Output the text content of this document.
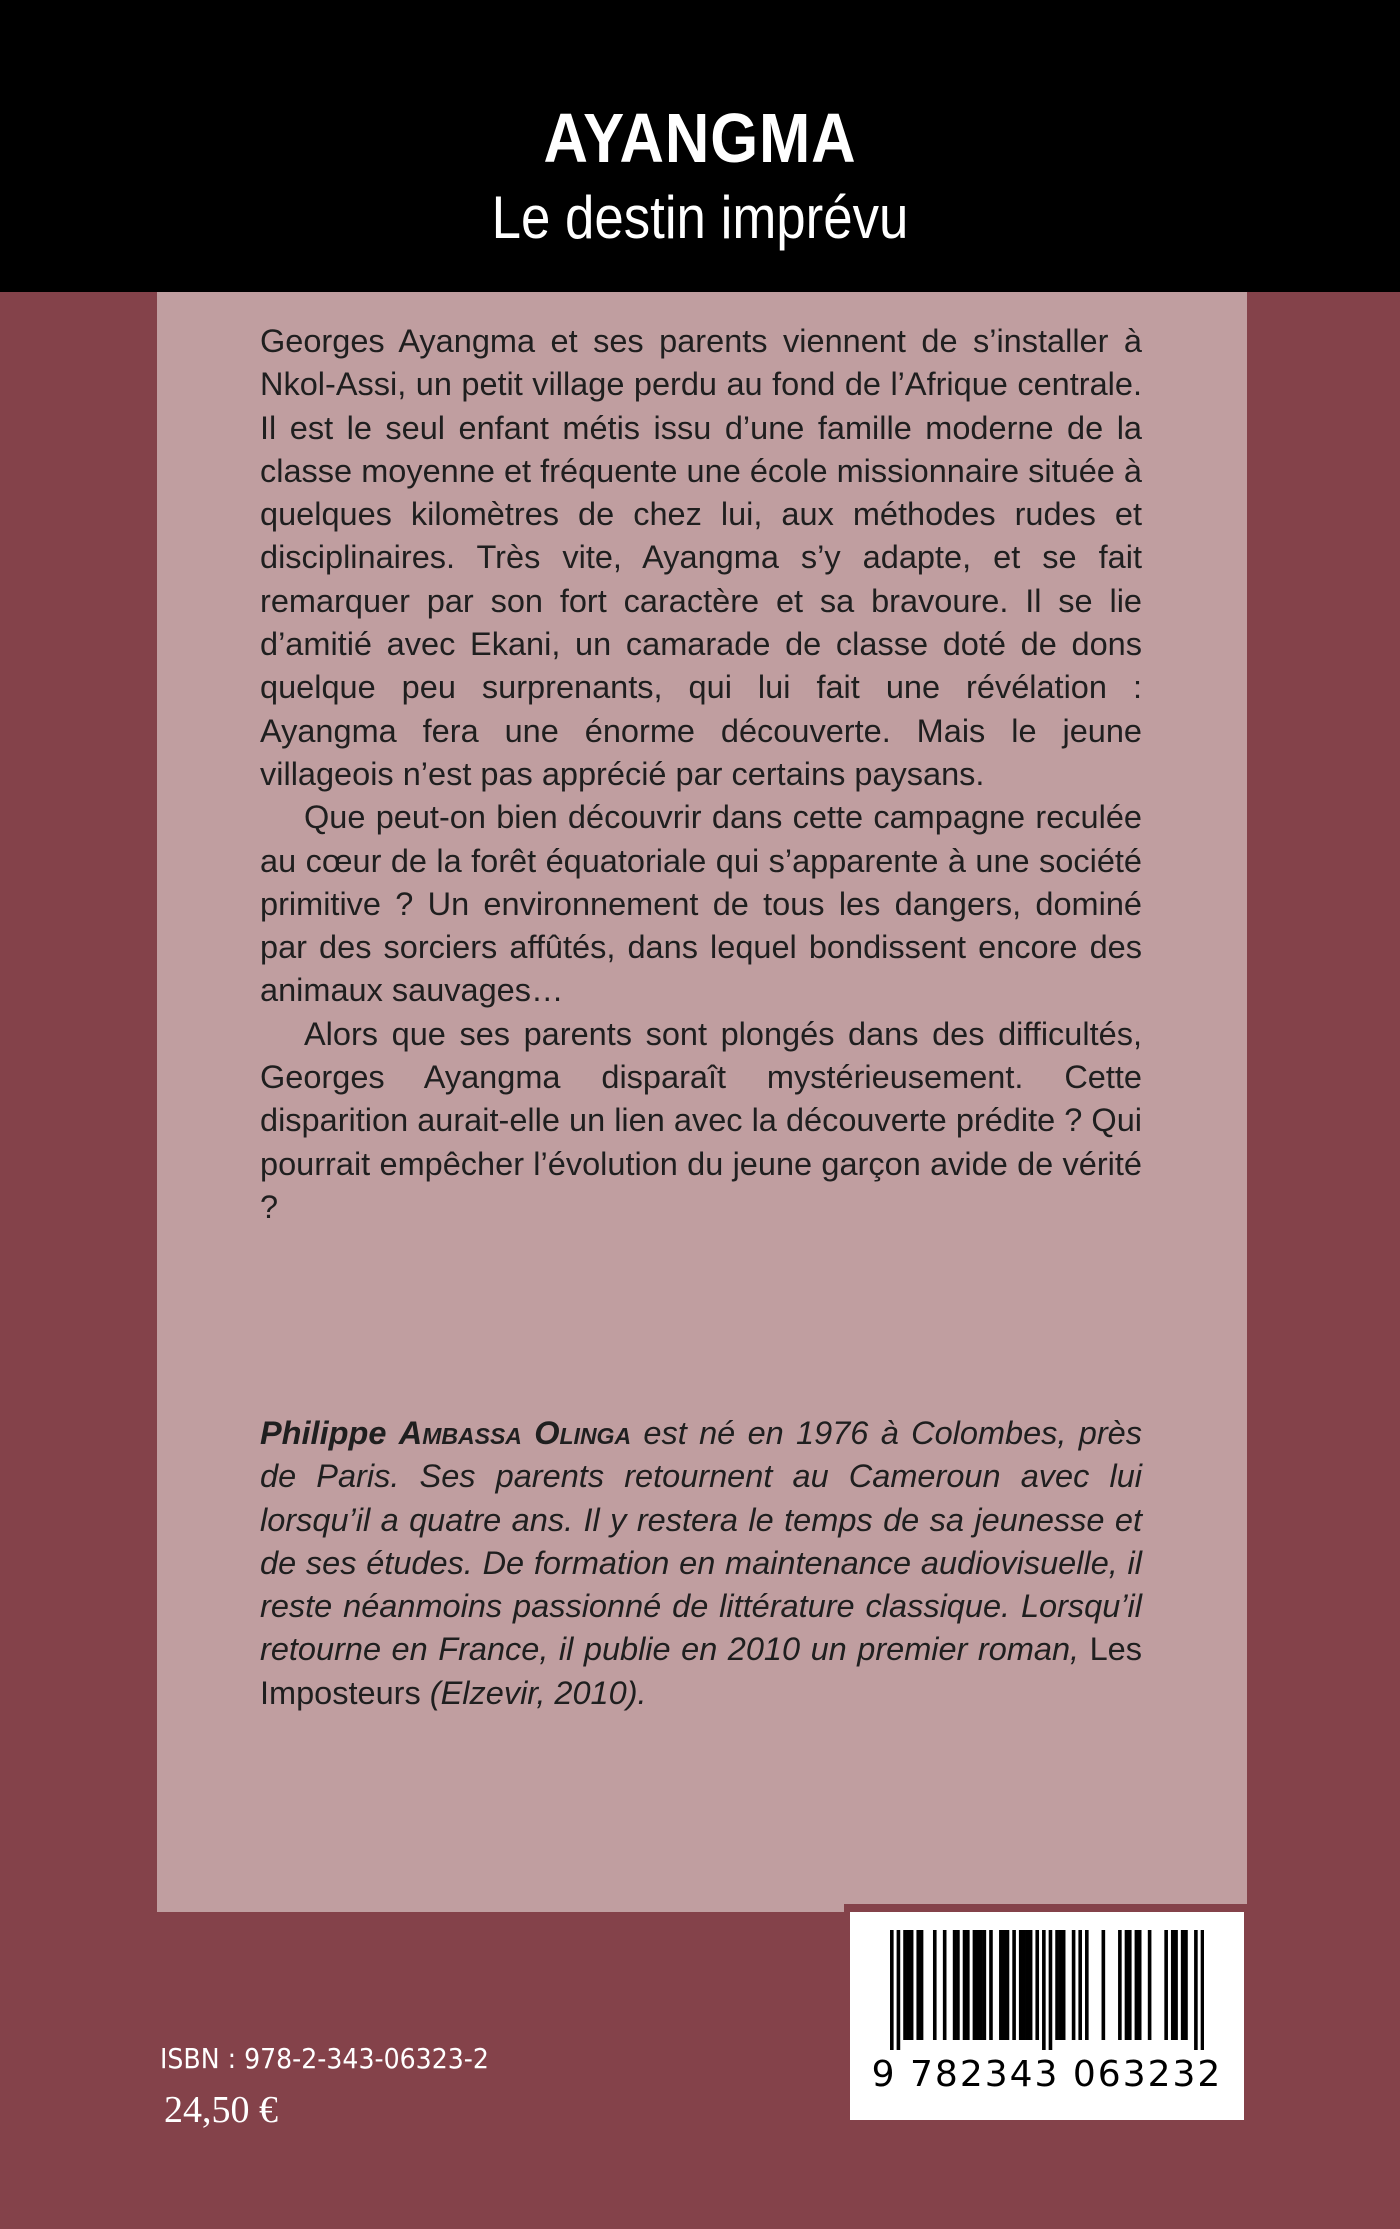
AYANGMA
Le destin imprévu

Georges Ayangma et ses parents viennent de s’installer à Nkol-Assi, un petit village perdu au fond de l’Afrique centrale. Il est le seul enfant métis issu d’une famille moderne de la classe moyenne et fréquente une école missionnaire située à quelques kilomètres de chez lui, aux méthodes rudes et disciplinaires. Très vite, Ayangma s’y adapte, et se fait remarquer par son fort caractère et sa bravoure. Il se lie d’amitié avec Ekani, un camarade de classe doté de dons quelque peu surprenants, qui lui fait une révélation : Ayangma fera une énorme découverte. Mais le jeune villageois n’est pas apprécié par certains paysans.

Que peut-on bien découvrir dans cette campagne reculée au cœur de la forêt équatoriale qui s’apparente à une société primitive ? Un environnement de tous les dangers, dominé par des sorciers affûtés, dans lequel bondissent encore des animaux sauvages…

Alors que ses parents sont plongés dans des difficultés, Georges Ayangma disparaît mystérieusement. Cette disparition aurait-elle un lien avec la découverte prédite ? Qui pourrait empêcher l’évolution du jeune garçon avide de vérité ?

Philippe Ambassa Olinga est né en 1976 à Colombes, près de Paris. Ses parents retournent au Cameroun avec lui lorsqu’il a quatre ans. Il y restera le temps de sa jeunesse et de ses études. De formation en maintenance audiovisuelle, il reste néanmoins passionné de littérature classique. Lorsqu’il retourne en France, il publie en 2010 un premier roman, Les Imposteurs (Elzevir, 2010).

9 782343 063232
ISBN : 978-2-343-06323-2
24,50 €
